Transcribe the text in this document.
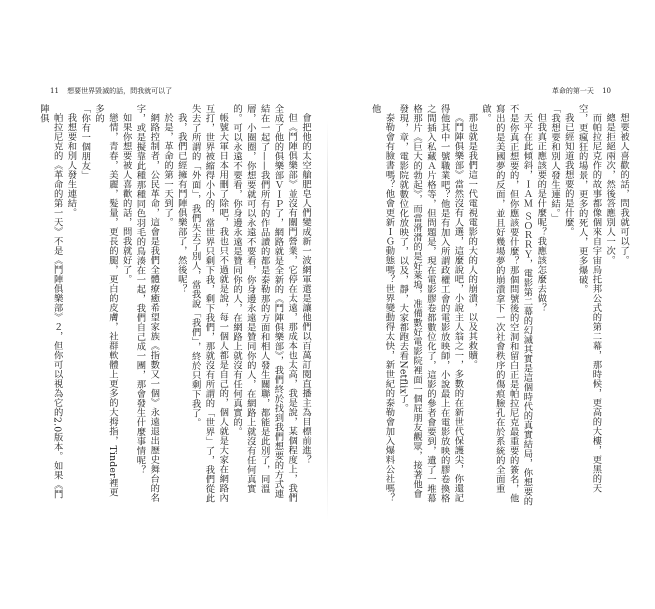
11 想要世界毀滅的話，問我就可以了

會把他的太空艙肥皂人們變成新一波網軍還是讓他們以百萬訂閱直播主為目標前進？

但《鬥陣俱樂部》並沒有關門營業，它停在太遠，那成本也太高，我是說，某個程度上，我們全成了他的俱樂部ＶＩＰ了，網路就是全新的《鬥陣俱樂部》，我們終於找到我們想要的方式連結在一起了——我們所有的作品讀的都是泰勒那的方面和相人發生關聯，都能是此別了，同溫層，小圈圈，你想要就可以永遠不要看，你身邊永遠是贊同你的人，在網路上就沒有任何真實的。可以永遠不要看，你身邊永遠是贊同你的人，在網路上就沒有任何真實的。

帳號大軍日本用刪了除吧，我也只不過就是說，每一個人都是自己的，個人就是大家在網路內互打，世界被縮得小小的，當世界只剩下我，剩下我們，那就沒有所謂的「世界」了，我們從此失去了所謂的「外面」，我們失去了別人，當我說「我們」，終於只剩下我了。

我，我們已經擁有鬥陣俱樂部了，然後呢？

於是，革命的第一天到了。

網路控制者，公民革命，這會是我們全體療癒希望家族《指數又一個》永遠退出歷史舞台的名字，或是擬靠此種那種同色羽毛的鳥湊在一起，我們自己成一團，那會發生什麼事情呢？

如果你想要被人喜歡的話，問我就好了。

戀情，青春，美麗，髮量，更長的腿，更白的皮膚，社群軟體上更多的大拇指，Tinder裡更多的

「你有一個朋友」

我想要和別人發生連結。

帕拉尼克的《革命的第一天》不是《鬥陣俱樂部》２，但你可以視為它的2.0版本。如果《鬥陣俱

革命的第一天 10

想要被人喜歡的話，問我就可以了。

總是拒絕兩次，然後答應別人一次。

而帕拉尼克作的故事都像個來自宇宙烏托邦公式的第二幕，那時候，更高的大樓，更黑的天空，更瘋狂的場景，更多的死人，更多爆破。

我已經知道我想要的是什麼。

「我想要和別人發生連結。」

但我真正應該要的是什麼呢？我應該怎麼去做？

天平在此傾斜，ＩＡＭ ＳＯＲＲＹ，電影第二幕的幻滅其實是這個時代的真實結局，你想要的不是你真正想要的，但你應該要什麼？那個問號後的空洞和留白正是帕拉尼克最重要的簽名，他寫出的是美國夢的反面，並且好幾場夢的崩潰拿下一次社會秩序的傷痕臉孔在於系統的全面重啟。

那也就是我們這一代電視電影的大的人的崩潰，以及其救贖。

《鬥陣俱樂部》當然沒有人選，這麼說吧，小說主人翁之一，多數的在新世代保護尖，你還記得他其中一號職業吧？他是有加入所謂政權工會的電影放映師，小說最上在電影放映的膠卷換格之間插入私藏Ａ片格等，但問題是，現在電影膠卷都數位化了，這影的參者會要到，遺了一堆幕格那片《巨大的勃起》，而當滑滑的是好萊塢，准備數好電影院裡面一個屁朋友觀眾，接著他會發現，章，電影院就數位化放映了，以及，靜，大家都跑去看Netflix了。

泰勒會有臉書嗎？他會更新ＩＧ動態嗎？世界變動得太快，新世紀的泰勒會加入爆料公社嗎？他
